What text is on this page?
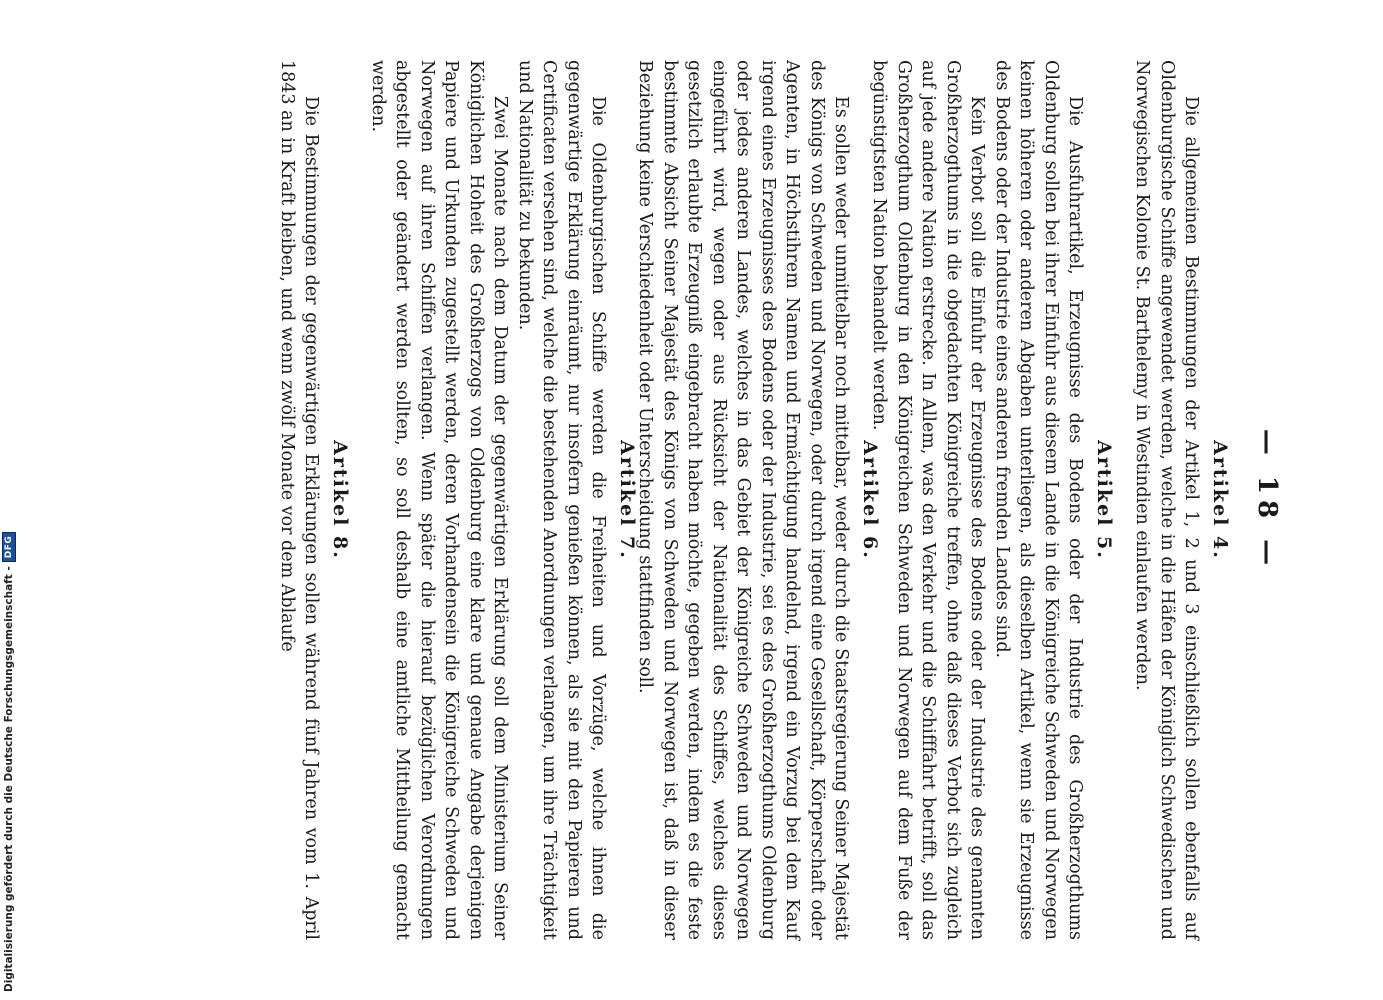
— 18 —
Artikel 4.

Die allgemeinen Bestimmungen der Artikel 1, 2 und 3 einschließlich sollen ebenfalls auf Oldenburgische Schiffe angewendet werden, welche in die Häfen der Königlich Schwedischen und Norwegischen Kolonie St. Barthelemy in Westindien einlaufen werden.

Artikel 5.

Die Ausfuhrartikel, Erzeugnisse des Bodens oder der Industrie des Großherzogthums Oldenburg sollen bei ihrer Einfuhr aus diesem Lande in die Königreiche Schweden und Norwegen keinen höheren oder anderen Abgaben unterliegen, als dieselben Artikel, wenn sie Erzeugnisse des Bodens oder der Industrie eines anderen fremden Landes sind.

Kein Verbot soll die Einfuhr der Erzeugnisse des Bodens oder der Industrie des genannten Großherzogthums in die obgedachten Königreiche treffen, ohne daß dieses Verbot sich zugleich auf jede andere Nation erstrecke. In Allem, was den Verkehr und die Schifffahrt betrifft, soll das Großherzogthum Oldenburg in den Königreichen Schweden und Norwegen auf dem Fuße der begünstigtsten Nation behandelt werden.

Artikel 6.

Es sollen weder unmittelbar noch mittelbar, weder durch die Staatsregierung Seiner Majestät des Königs von Schweden und Norwegen, oder durch irgend eine Gesellschaft, Körperschaft oder Agenten, in Höchstihrem Namen und Ermächtigung handelnd, irgend ein Vorzug bei dem Kauf irgend eines Erzeugnisses des Bodens oder der Industrie, sei es des Großherzogthums Oldenburg oder jedes anderen Landes, welches in das Gebiet der Königreiche Schweden und Norwegen eingeführt wird, wegen oder aus Rücksicht der Nationalität des Schiffes, welches dieses gesetzlich erlaubte Erzeugniß eingebracht haben möchte, gegeben werden, indem es die feste bestimmte Absicht Seiner Majestät des Königs von Schweden und Norwegen ist, daß in dieser Beziehung keine Verschiedenheit oder Unterscheidung stattfinden soll.

Artikel 7.

Die Oldenburgischen Schiffe werden die Freiheiten und Vorzüge, welche ihnen die gegenwärtige Erklärung einräumt, nur insofern genießen können, als sie mit den Papieren und Certificaten versehen sind, welche die bestehenden Anordnungen verlangen, um ihre Trächtigkeit und Nationalität zu bekunden.

Zwei Monate nach dem Datum der gegenwärtigen Erklärung soll dem Ministerium Seiner Königlichen Hoheit des Großherzogs von Oldenburg eine klare und genaue Angabe derjenigen Papiere und Urkunden zugestellt werden, deren Vorhandensein die Königreiche Schweden und Norwegen auf ihren Schiffen verlangen. Wenn später die hierauf bezüglichen Verordnungen abgestellt oder geändert werden sollten, so soll deshalb eine amtliche Mittheilung gemacht werden.

Artikel 8.

Die Bestimmungen der gegenwärtigen Erklärungen sollen während fünf Jahren vom 1. April 1843 an in Kraft bleiben, und wenn zwölf Monate vor dem Ablaufe

Digitalisierung gefördert durch die Deutsche Forschungsgemeinschaft -
DFG
